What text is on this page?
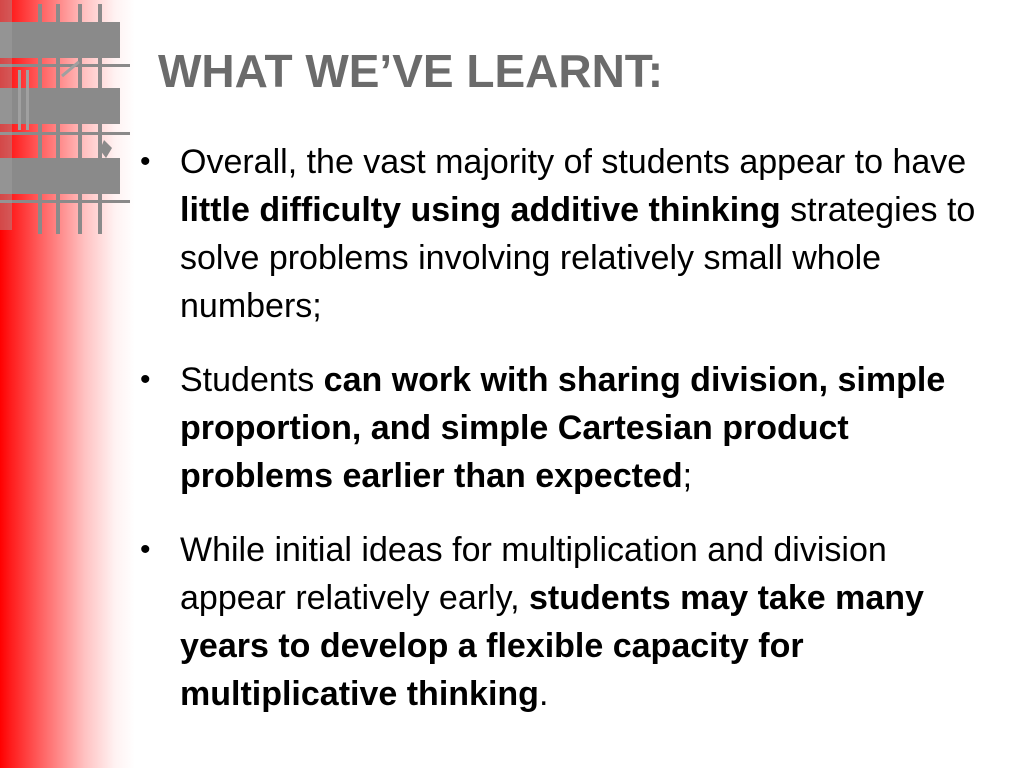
WHAT WE’VE LEARNT:
• Overall, the vast majority of students appear to have little difficulty using additive thinking strategies to solve problems involving relatively small whole numbers;
• Students can work with sharing division, simple proportion, and simple Cartesian product problems earlier than expected;
• While initial ideas for multiplication and division appear relatively early, students may take many years to develop a flexible capacity for multiplicative thinking.
